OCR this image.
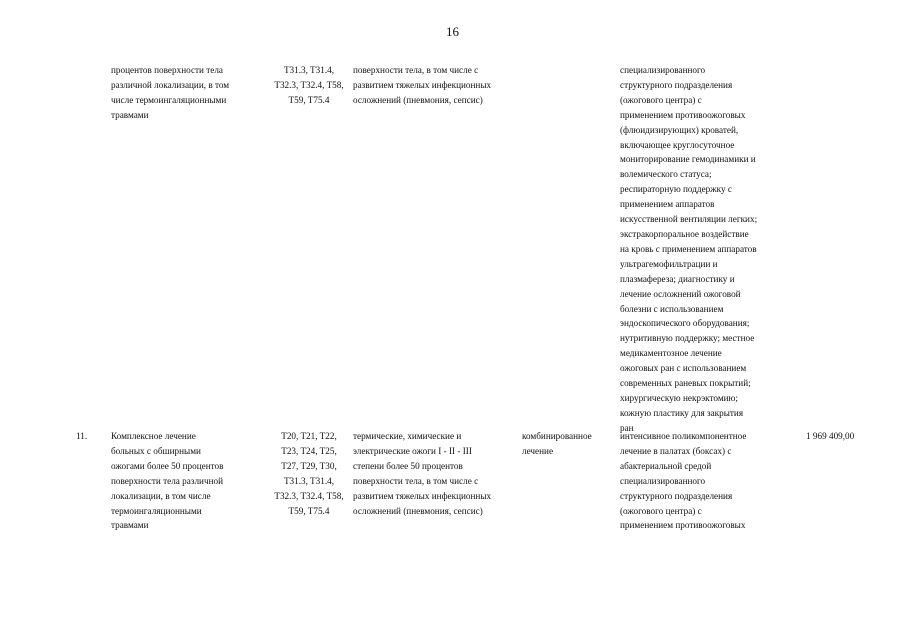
16
процентов поверхности тела
различной локализации, в том
числе термоингаляционными
травмами
T31.3, T31.4,
T32.3, T32.4, T58,
T59, T75.4
поверхности тела, в том числе с
развитием тяжелых инфекционных
осложнений (пневмония, сепсис)
специализированного
структурного подразделения
(ожогового центра) с
применением противоожоговых
(флюидизирующих) кроватей,
включающее круглосуточное
мониторирование гемодинамики и
волемического статуса;
респираторную поддержку с
применением аппаратов
искусственной вентиляции легких;
экстракорпоральное воздействие
на кровь с применением аппаратов
ультрагемофильтрации и
плазмафереза; диагностику и
лечение осложнений ожоговой
болезни с использованием
эндоскопического оборудования;
нутритивную поддержку; местное
медикаментозное лечение
ожоговых ран с использованием
современных раневых покрытий;
хирургическую некрэктомию;
кожную пластику для закрытия
ран
11.	Комплексное лечение
больных с обширными
ожогами более 50 процентов
поверхности тела различной
локализации, в том числе
термоингаляционными
травмами
T20, T21, T22,
T23, T24, T25,
T27, T29, T30,
T31.3, T31.4,
T32.3, T32.4, T58,
T59, T75.4
термические, химические и
электрические ожоги I - II - III
степени более 50 процентов
поверхности тела, в том числе с
развитием тяжелых инфекционных
осложнений (пневмония, сепсис)
комбинированное
лечение
интенсивное поликомпонентное
лечение в палатах (боксах) с
абактериальной средой
специализированного
структурного подразделения
(ожогового центра) с
применением противоожоговых
1 969 409,00
